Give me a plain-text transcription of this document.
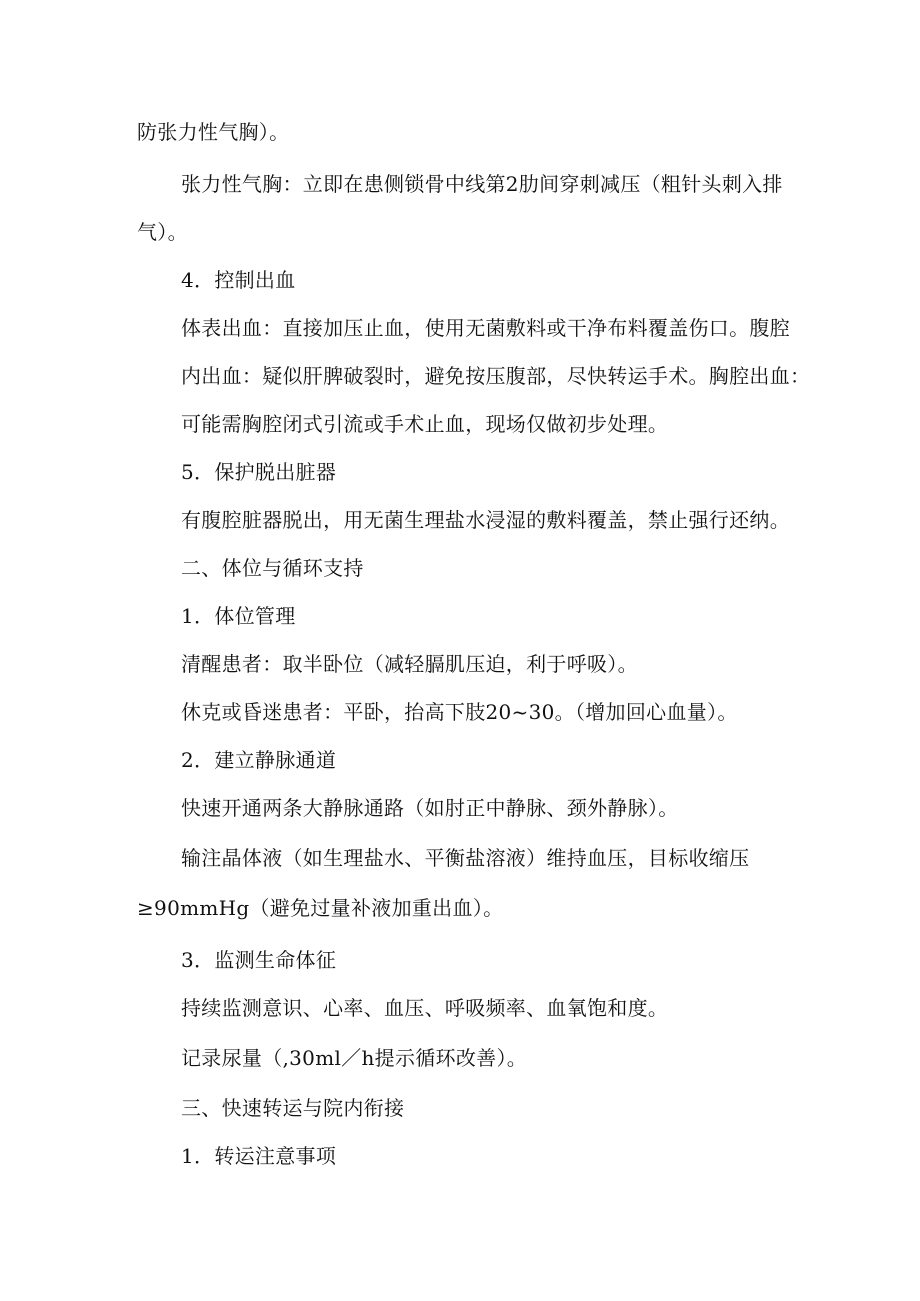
防张力性气胸）。
张力性气胸：立即在患侧锁骨中线第2肋间穿刺减压（粗针头刺入排
气）。
4．控制出血
体表出血：直接加压止血，使用无菌敷料或干净布料覆盖伤口。腹腔
内出血：疑似肝脾破裂时，避免按压腹部，尽快转运手术。胸腔出血：
可能需胸腔闭式引流或手术止血，现场仅做初步处理。
5．保护脱出脏器
有腹腔脏器脱出，用无菌生理盐水浸湿的敷料覆盖，禁止强行还纳。
二、体位与循环支持
1．体位管理
清醒患者：取半卧位（减轻膈肌压迫，利于呼吸）。
休克或昏迷患者：平卧，抬高下肢20~30。（增加回心血量）。
2．建立静脉通道
快速开通两条大静脉通路（如肘正中静脉、颈外静脉）。
输注晶体液（如生理盐水、平衡盐溶液）维持血压，目标收缩压
≥90mmHg（避免过量补液加重出血）。
3．监测生命体征
持续监测意识、心率、血压、呼吸频率、血氧饱和度。
记录尿量（,30ml／h提示循环改善）。
三、快速转运与院内衔接
1．转运注意事项
